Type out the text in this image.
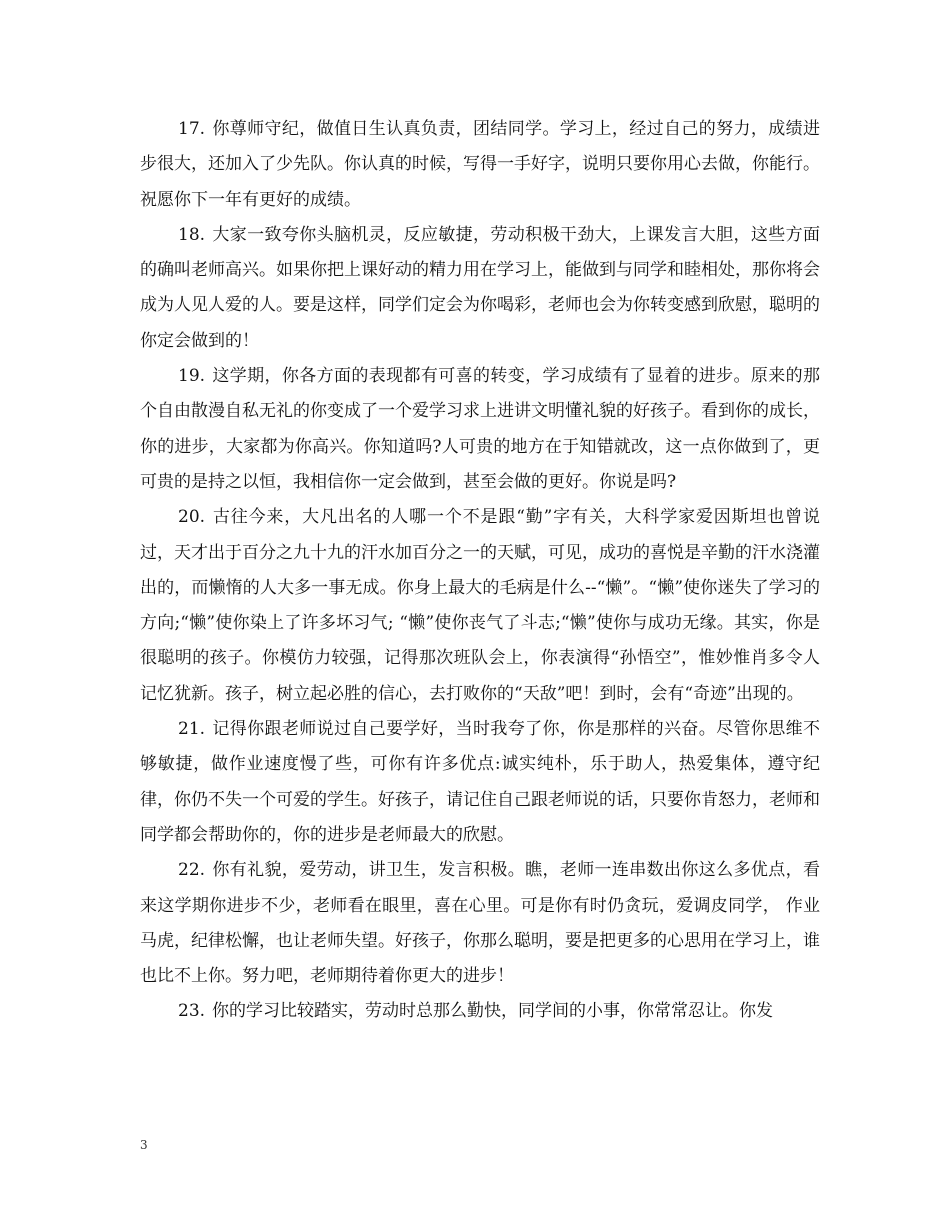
17. 你尊师守纪，做值日生认真负责，团结同学。学习上，经过自己的努力，成绩进步很大，还加入了少先队。你认真的时候，写得一手好字，说明只要你用心去做，你能行。祝愿你下一年有更好的成绩。

18. 大家一致夸你头脑机灵，反应敏捷，劳动积极干劲大，上课发言大胆，这些方面的确叫老师高兴。如果你把上课好动的精力用在学习上，能做到与同学和睦相处，那你将会成为人见人爱的人。要是这样，同学们定会为你喝彩，老师也会为你转变感到欣慰，聪明的你定会做到的！

19. 这学期，你各方面的表现都有可喜的转变，学习成绩有了显着的进步。原来的那个自由散漫自私无礼的你变成了一个爱学习求上进讲文明懂礼貌的好孩子。看到你的成长，你的进步，大家都为你高兴。你知道吗?人可贵的地方在于知错就改，这一点你做到了，更可贵的是持之以恒，我相信你一定会做到，甚至会做的更好。你说是吗?

20. 古往今来，大凡出名的人哪一个不是跟“勤”字有关，大科学家爱因斯坦也曾说过，天才出于百分之九十九的汗水加百分之一的天赋，可见，成功的喜悦是辛勤的汗水浇灌出的，而懒惰的人大多一事无成。你身上最大的毛病是什么--“懒”。“懒”使你迷失了学习的方向;“懒”使你染上了许多坏习气; “懒”使你丧气了斗志;“懒”使你与成功无缘。其实，你是很聪明的孩子。你模仿力较强，记得那次班队会上，你表演得“孙悟空”，惟妙惟肖多令人记忆犹新。孩子，树立起必胜的信心，去打败你的“天敌”吧！到时，会有“奇迹”出现的。

21. 记得你跟老师说过自己要学好，当时我夸了你，你是那样的兴奋。尽管你思维不够敏捷，做作业速度慢了些，可你有许多优点:诚实纯朴，乐于助人，热爱集体，遵守纪律，你仍不失一个可爱的学生。好孩子，请记住自己跟老师说的话，只要你肯怒力，老师和同学都会帮助你的，你的进步是老师最大的欣慰。

22. 你有礼貌，爱劳动，讲卫生，发言积极。瞧，老师一连串数出你这么多优点，看来这学期你进步不少，老师看在眼里，喜在心里。可是你有时仍贪玩，爱调皮同学， 作业马虎，纪律松懈，也让老师失望。好孩子，你那么聪明，要是把更多的心思用在学习上，谁也比不上你。努力吧，老师期待着你更大的进步！

23. 你的学习比较踏实，劳动时总那么勤快，同学间的小事，你常常忍让。你发

3
